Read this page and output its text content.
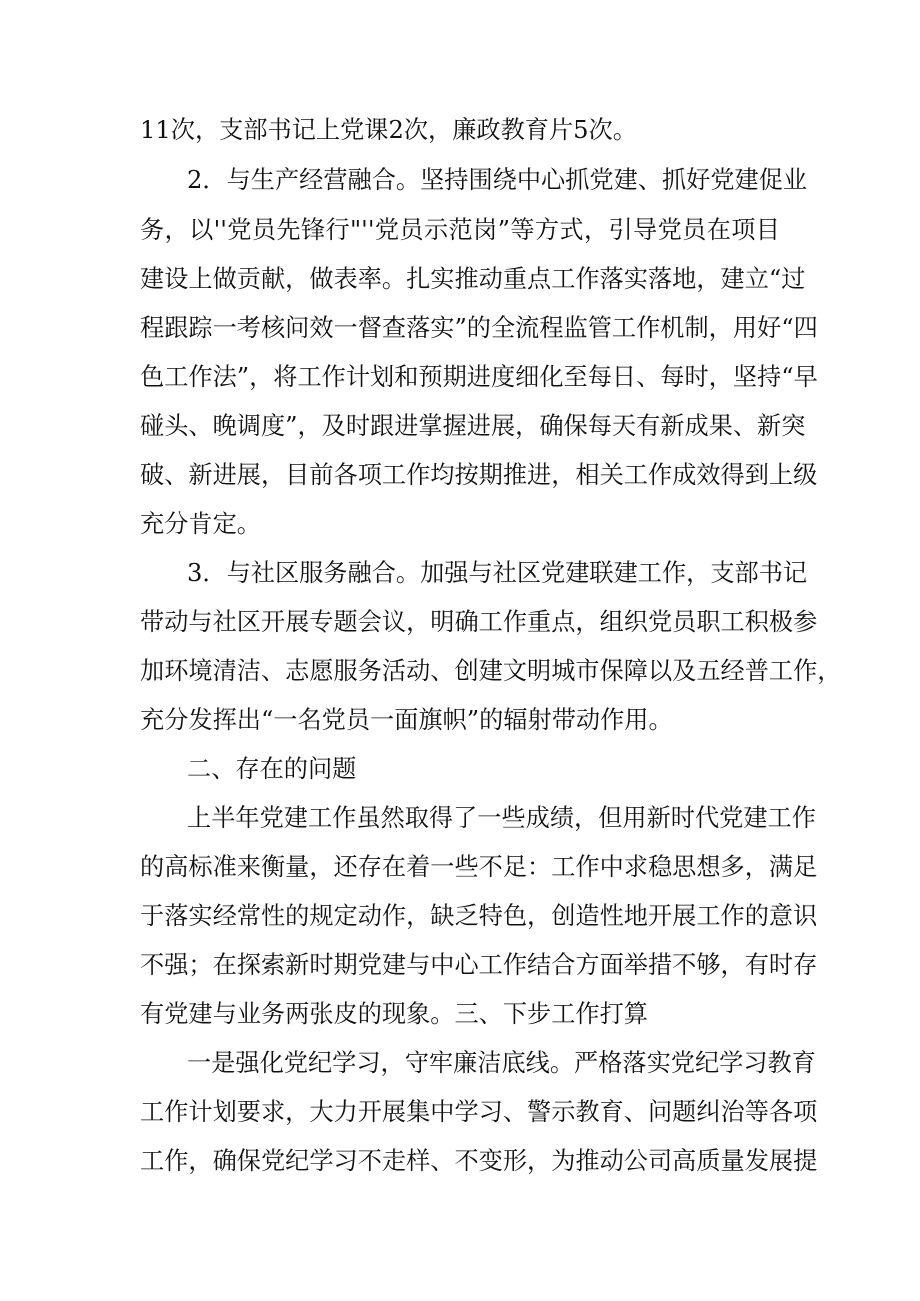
11次，支部书记上党课2次，廉政教育片5次。
2．与生产经营融合。坚持围绕中心抓党建、抓好党建促业
务，以''党员先锋行"''党员示范岗”等方式，引导党员在项目
建设上做贡献，做表率。扎实推动重点工作落实落地，建立“过
程跟踪一考核问效一督查落实”的全流程监管工作机制，用好“四
色工作法”，将工作计划和预期进度细化至每日、每时，坚持“早
碰头、晚调度”，及时跟进掌握进展，确保每天有新成果、新突
破、新进展，目前各项工作均按期推进，相关工作成效得到上级
充分肯定。
3．与社区服务融合。加强与社区党建联建工作，支部书记
带动与社区开展专题会议，明确工作重点，组织党员职工积极参
加环境清洁、志愿服务活动、创建文明城市保障以及五经普工作，
充分发挥出“一名党员一面旗帜”的辐射带动作用。
二、存在的问题
上半年党建工作虽然取得了一些成绩，但用新时代党建工作
的高标准来衡量，还存在着一些不足：工作中求稳思想多，满足
于落实经常性的规定动作，缺乏特色，创造性地开展工作的意识
不强；在探索新时期党建与中心工作结合方面举措不够，有时存
有党建与业务两张皮的现象。三、下步工作打算
一是强化党纪学习，守牢廉洁底线。严格落实党纪学习教育
工作计划要求，大力开展集中学习、警示教育、问题纠治等各项
工作，确保党纪学习不走样、不变形，为推动公司高质量发展提
